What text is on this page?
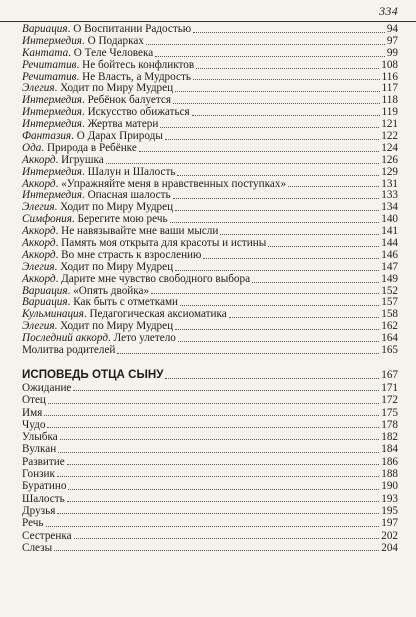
334
Вариация. О Воспитании Радостью	94
Интермедия. О Подарках	97
Кантата. О Теле Человека	99
Речитатив. Не бойтесь конфликтов	108
Речитатив. Не Власть, а Мудрость	116
Элегия. Ходит по Миру Мудрец	117
Интермедия. Ребёнок балуется	118
Интермедия. Искусство обижаться	119
Интермедия. Жертва матери	121
Фантазия. О Дарах Природы	122
Ода. Природа в Ребёнке	124
Аккорд. Игрушка	126
Интермедия. Шалун и Шалость	129
Аккорд. «Упражняйте меня в нравственных поступках»	131
Интермедия. Опасная шалость	133
Элегия. Ходит по Миру Мудрец	134
Симфония. Берегите мою речь	140
Аккорд. Не навязывайте мне ваши мысли	141
Аккорд. Память моя открыта для красоты и истины	144
Аккорд. Во мне страсть к взрослению	146
Элегия. Ходит по Миру Мудрец	147
Аккорд. Дарите мне чувство свободного выбора	149
Вариация. «Опять двойка»	152
Вариация. Как быть с отметками	157
Кульминация. Педагогическая аксиоматика	158
Элегия. Ходит по Миру Мудрец	162
Последний аккорд. Лето улетело	164
Молитва родителей	165
ИСПОВЕДЬ ОТЦА СЫНУ	167
Ожидание	171
Отец	172
Имя	175
Чудо	178
Улыбка	182
Вулкан	184
Развитие	186
Гонзик	188
Буратино	190
Шалость	193
Друзья	195
Речь	197
Сестренка	202
Слезы	204
